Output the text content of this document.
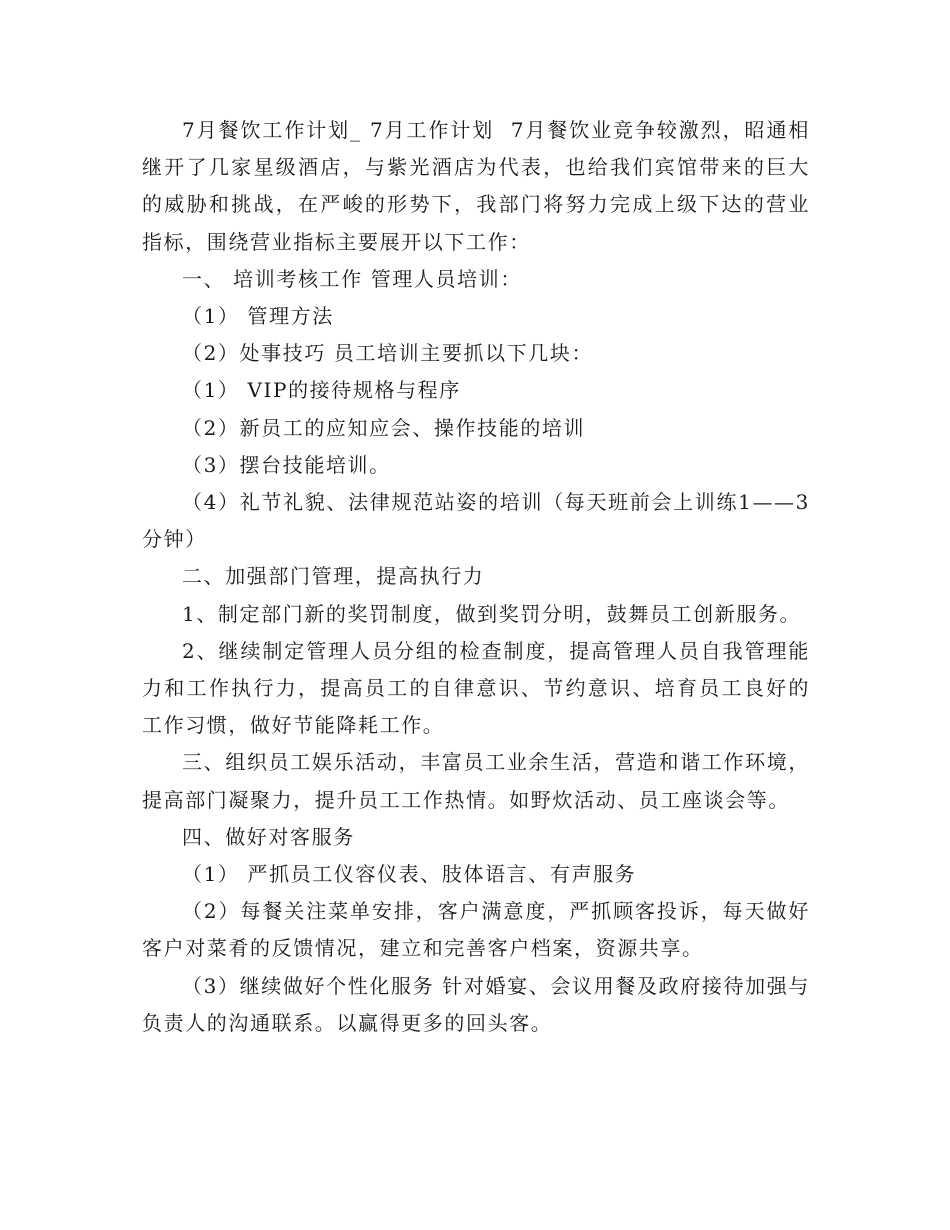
7月餐饮工作计划_ 7月工作计划  7月餐饮业竞争较激烈，昭通相继开了几家星级酒店，与紫光酒店为代表，也给我们宾馆带来的巨大的威胁和挑战，在严峻的形势下，我部门将努力完成上级下达的营业指标，围绕营业指标主要展开以下工作：

一、 培训考核工作 管理人员培训：

（1） 管理方法

（2）处事技巧 员工培训主要抓以下几块：

（1） VIP的接待规格与程序

（2）新员工的应知应会、操作技能的培训

（3）摆台技能培训。

（4）礼节礼貌、法律规范站姿的培训（每天班前会上训练1——3分钟）

二、加强部门管理，提高执行力

1、制定部门新的奖罚制度，做到奖罚分明，鼓舞员工创新服务。

2、继续制定管理人员分组的检查制度，提高管理人员自我管理能力和工作执行力，提高员工的自律意识、节约意识、培育员工良好的工作习惯，做好节能降耗工作。

三、组织员工娱乐活动，丰富员工业余生活，营造和谐工作环境，提高部门凝聚力，提升员工工作热情。如野炊活动、员工座谈会等。

四、做好对客服务

（1） 严抓员工仪容仪表、肢体语言、有声服务

（2）每餐关注菜单安排，客户满意度，严抓顾客投诉，每天做好客户对菜肴的反馈情况，建立和完善客户档案，资源共享。

（3）继续做好个性化服务 针对婚宴、会议用餐及政府接待加强与负责人的沟通联系。以赢得更多的回头客。
